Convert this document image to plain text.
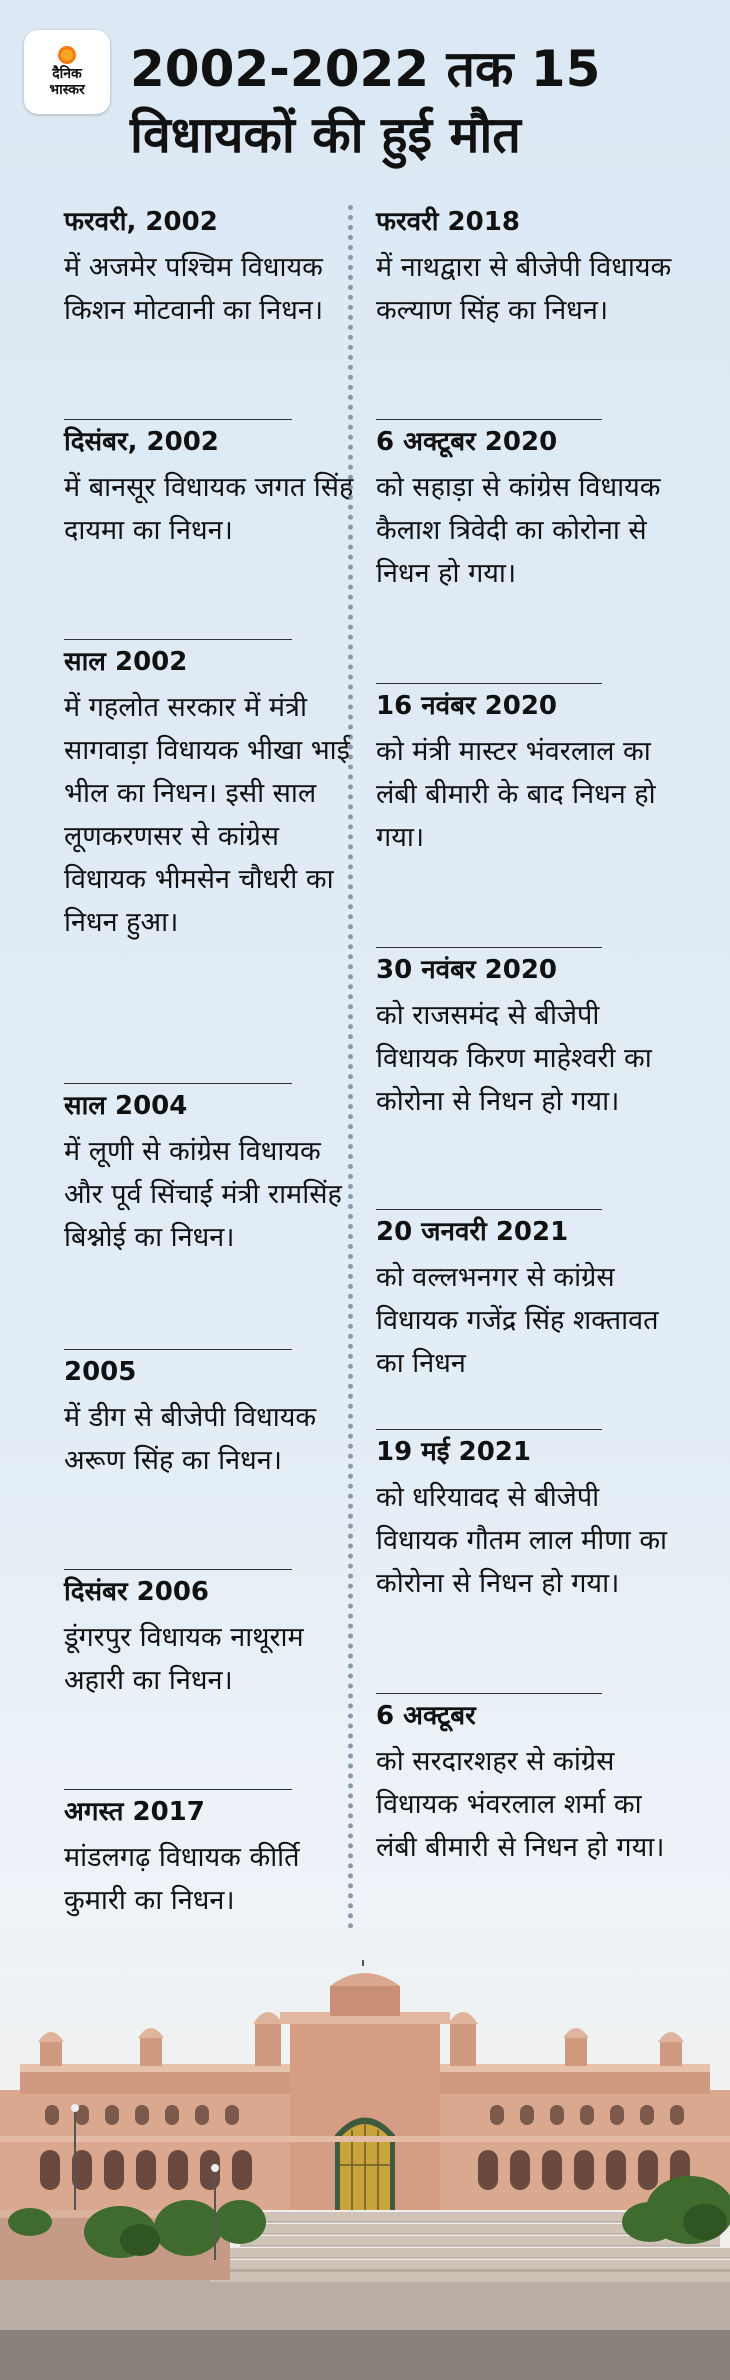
दैनिक
भास्कर 2002-2022 तक 15 विधायकों की हुई मौत
फरवरी, 2002
में अजमेर पश्चिम विधायक किशन मोटवानी का निधन।
दिसंबर, 2002
में बानसूर विधायक जगत सिंह दायमा का निधन।
साल 2002
में गहलोत सरकार में मंत्री सागवाड़ा विधायक भीखा भाई भील का निधन। इसी साल लूणकरणसर से कांग्रेस विधायक भीमसेन चौधरी का निधन हुआ।
साल 2004
में लूणी से कांग्रेस विधायक और पूर्व सिंचाई मंत्री रामसिंह बिश्नोई का निधन।
2005
में डीग से बीजेपी विधायक अरूण सिंह का निधन।
दिसंबर 2006
डूंगरपुर विधायक नाथूराम अहारी का निधन।
अगस्त 2017
मांडलगढ़ विधायक कीर्ति कुमारी का निधन।
फरवरी 2018
में नाथद्वारा से बीजेपी विधायक कल्याण सिंह का निधन।
6 अक्टूबर 2020
को सहाड़ा से कांग्रेस विधायक कैलाश त्रिवेदी का कोरोना से निधन हो गया।
16 नवंबर 2020
को मंत्री मास्टर भंवरलाल का लंबी बीमारी के बाद निधन हो गया।
30 नवंबर 2020
को राजसमंद से बीजेपी विधायक किरण माहेश्वरी का कोरोना से निधन हो गया।
20 जनवरी 2021
को वल्लभनगर से कांग्रेस विधायक गजेंद्र सिंह शक्तावत का निधन
19 मई 2021
को धरियावद से बीजेपी विधायक गौतम लाल मीणा का कोरोना से निधन हो गया।
6 अक्टूबर
को सरदारशहर से कांग्रेस विधायक भंवरलाल शर्मा का लंबी बीमारी से निधन हो गया।
